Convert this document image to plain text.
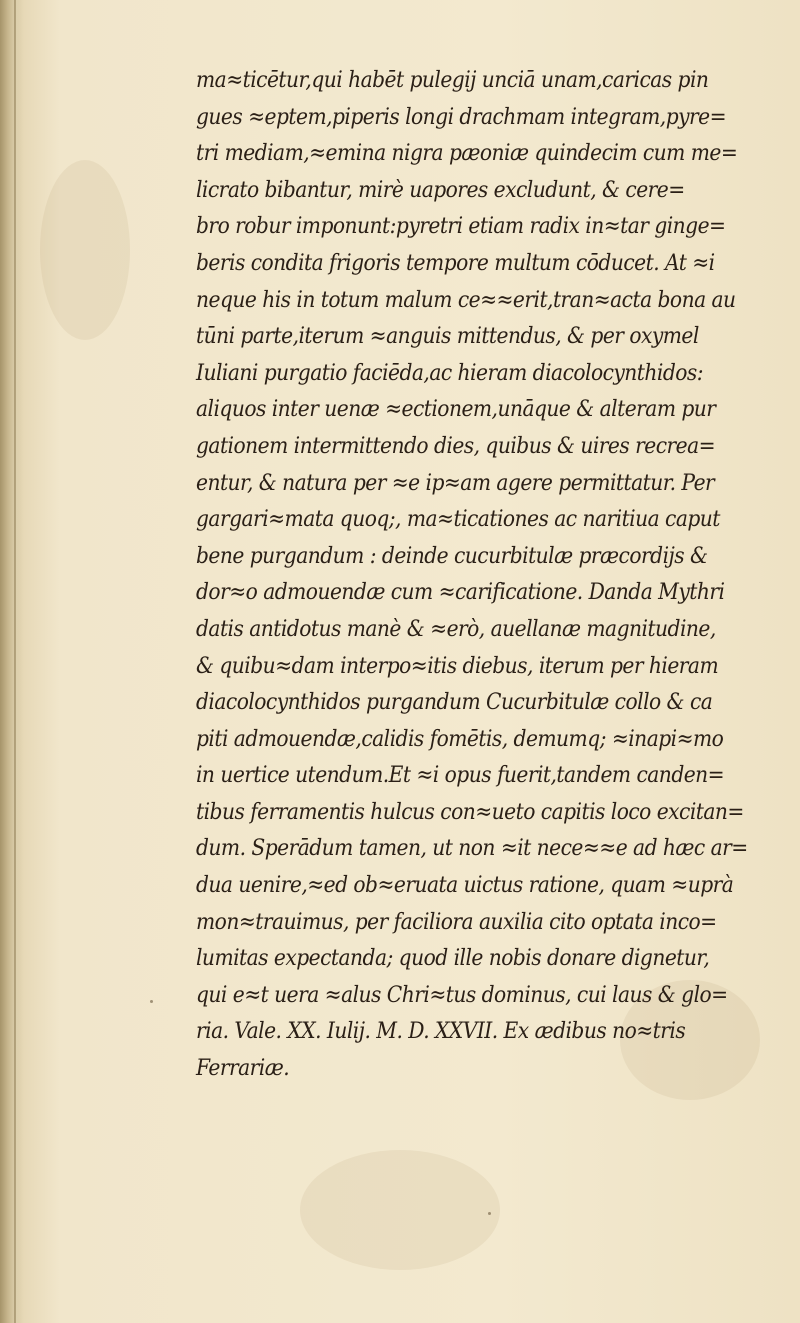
ma≈ticētur,qui habēt pulegij unciā unam,caricas pin
gues ≈eptem,piperis longi drachmam integram,pyre=
tri mediam,≈emina nigra pæoniæ quindecim cum me=
licrato bibantur, mirè uapores excludunt, & cere=
bro robur imponunt:pyretri etiam radix in≈tar ginge=
beris condita frigoris tempore multum cōducet. At ≈i
neque his in totum malum ce≈≈erit,tran≈acta bona au
tūni parte,iterum ≈anguis mittendus, & per oxymel
Iuliani purgatio faciēda,ac hieram diacolocynthidos:
aliquos inter uenæ ≈ectionem,unāque & alteram pur
gationem intermittendo dies, quibus & uires recrea=
entur, & natura per ≈e ip≈am agere permittatur. Per
gargari≈mata quoq;, ma≈ticationes ac naritiua caput
bene purgandum : deinde cucurbitulæ præcordijs &
dor≈o admouendæ cum ≈carificatione. Danda Mythri
datis antidotus manè & ≈erò, auellanæ magnitudine,
& quibu≈dam interpo≈itis diebus, iterum per hieram
diacolocynthidos purgandum Cucurbitulæ collo & ca
piti admouendæ,calidis fomētis, demumq; ≈inapi≈mo
in uertice utendum.Et ≈i opus fuerit,tandem canden=
tibus ferramentis hulcus con≈ueto capitis loco excitan=
dum. Sperādum tamen, ut non ≈it nece≈≈e ad hæc ar=
dua uenire,≈ed ob≈eruata uictus ratione, quam ≈uprà
mon≈trauimus, per faciliora auxilia cito optata inco=
lumitas expectanda; quod ille nobis donare dignetur,
qui e≈t uera ≈alus Chri≈tus dominus, cui laus & glo=
ria. Vale. XX. Iulij. M. D. XXVII. Ex ædibus no≈tris
Ferrariæ.
